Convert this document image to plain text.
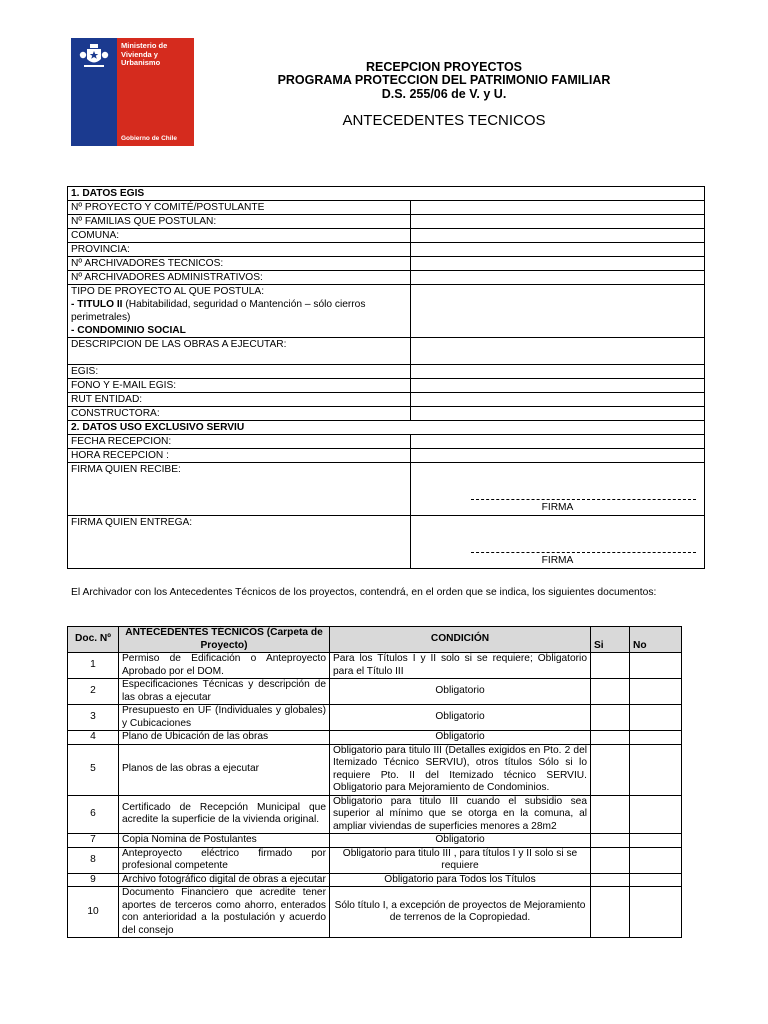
Ministerio de
Vivienda y
Urbanismo
Gobierno de Chile
RECEPCION PROYECTOS
PROGRAMA PROTECCION DEL PATRIMONIO FAMILIAR
D.S. 255/06 de V. y U.
ANTECEDENTES TECNICOS
1. DATOS EGIS	
Nº PROYECTO Y COMITÉ/POSTULANTE	
Nº FAMILIAS QUE POSTULAN:	
COMUNA:	
PROVINCIA:	
Nº ARCHIVADORES TECNICOS:	
Nº ARCHIVADORES ADMINISTRATIVOS:	

TIPO DE PROYECTO AL QUE POSTULA:
- TITULO II (Habitabilidad, seguridad o Mantención – sólo cierros perimetrales)
- CONDOMINIO SOCIAL	

DESCRIPCION DE LAS OBRAS A EJECUTAR:	
EGIS:	
FONO Y E-MAIL EGIS:	
RUT ENTIDAD:	
CONSTRUCTORA:	
2. DATOS USO EXCLUSIVO SERVIU	
FECHA RECEPCION:	
HORA RECEPCION :	
FIRMA QUIEN RECIBE:	FIRMA

FIRMA QUIEN ENTREGA:	FIRMA
El Archivador con los Antecedentes Técnicos de los proyectos, contendrá, en el orden que se indica, los siguientes documentos:
Doc. Nº	ANTECEDENTES TÉCNICOS (Carpeta de Proyecto)	CONDICIÓN	Si	No
1	Permiso de Edificación o Anteproyecto Aprobado por el DOM.	Para los Títulos I y II solo si se requiere; Obligatorio para el Título III		
2	Especificaciones Técnicas y descripción de las obras a ejecutar	Obligatorio		
3	Presupuesto en UF (Individuales y globales) y Cubicaciones	Obligatorio		
4	Plano de Ubicación de las obras	Obligatorio		
5	Planos de las obras a ejecutar	Obligatorio para titulo III (Detalles exigidos en Pto. 2 del Itemizado Técnico SERVIU), otros títulos Sólo si lo requiere Pto. II del Itemizado técnico SERVIU. Obligatorio para Mejoramiento de Condominios.		
6	Certificado de Recepción Municipal que acredite la superficie de la vivienda original.	Obligatorio para titulo III cuando el subsidio sea superior al mínimo que se otorga en la comuna, al ampliar viviendas de superficies menores a 28m2		
7	Copia Nomina de Postulantes	Obligatorio		
8	Anteproyecto eléctrico firmado por profesional competente	Obligatorio para titulo III , para títulos I y II solo si se requiere		
9	Archivo fotográfico digital de obras a ejecutar	Obligatorio para Todos los Títulos		
10	Documento Financiero que acredite tener aportes de terceros como ahorro, enterados con anterioridad a la postulación y acuerdo del consejo	Sólo título I, a excepción de proyectos de Mejoramiento de terrenos de la Copropiedad.		
